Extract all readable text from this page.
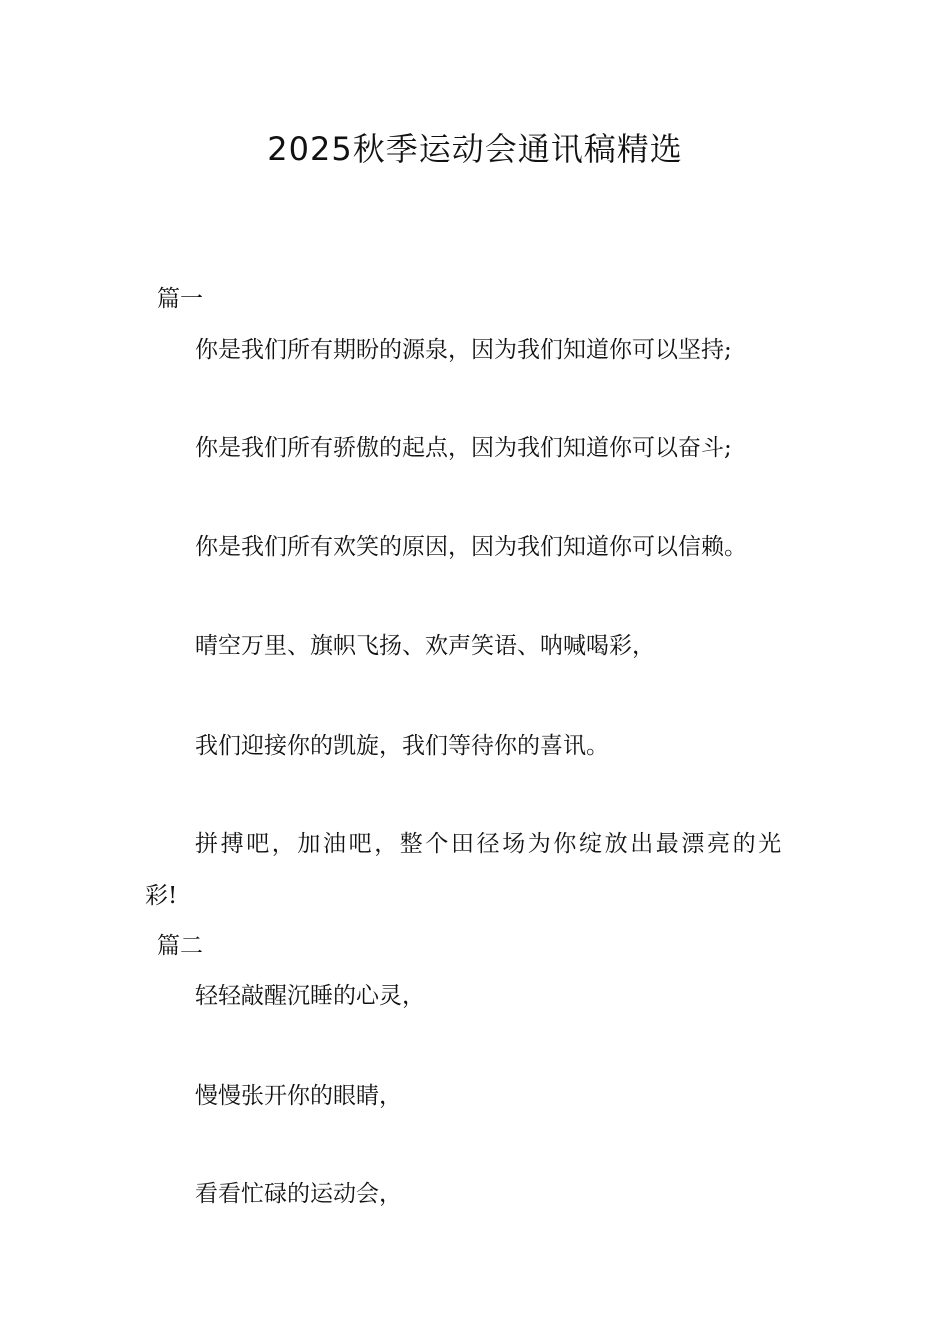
2025秋季运动会通讯稿精选
篇一
你是我们所有期盼的源泉，因为我们知道你可以坚持;
你是我们所有骄傲的起点，因为我们知道你可以奋斗;
你是我们所有欢笑的原因，因为我们知道你可以信赖。
晴空万里、旗帜飞扬、欢声笑语、呐喊喝彩，
我们迎接你的凯旋，我们等待你的喜讯。
拼搏吧，加油吧，整个田径场为你绽放出最漂亮的光
彩!
篇二
轻轻敲醒沉睡的心灵，
慢慢张开你的眼睛，
看看忙碌的运动会，
